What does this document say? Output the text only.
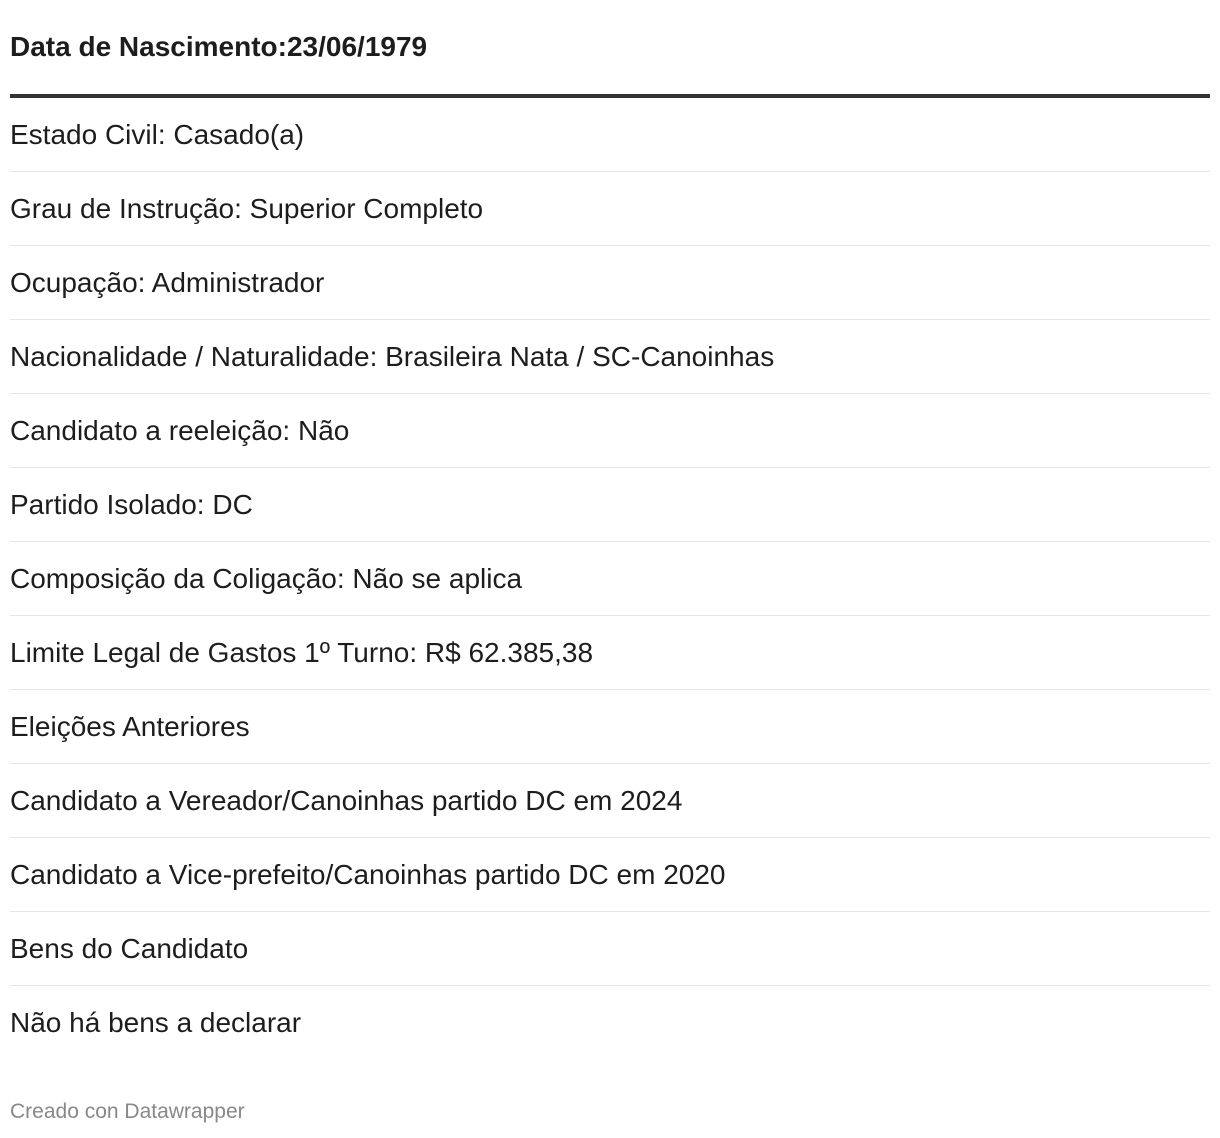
Data de Nascimento:23/06/1979
Estado Civil: Casado(a)
Grau de Instrução: Superior Completo
Ocupação: Administrador
Nacionalidade / Naturalidade: Brasileira Nata / SC-Canoinhas
Candidato a reeleição: Não
Partido Isolado: DC
Composição da Coligação: Não se aplica
Limite Legal de Gastos 1º Turno: R$ 62.385,38
Eleições Anteriores
Candidato a Vereador/Canoinhas partido DC em 2024
Candidato a Vice-prefeito/Canoinhas partido DC em 2020
Bens do Candidato
Não há bens a declarar
Creado con Datawrapper
